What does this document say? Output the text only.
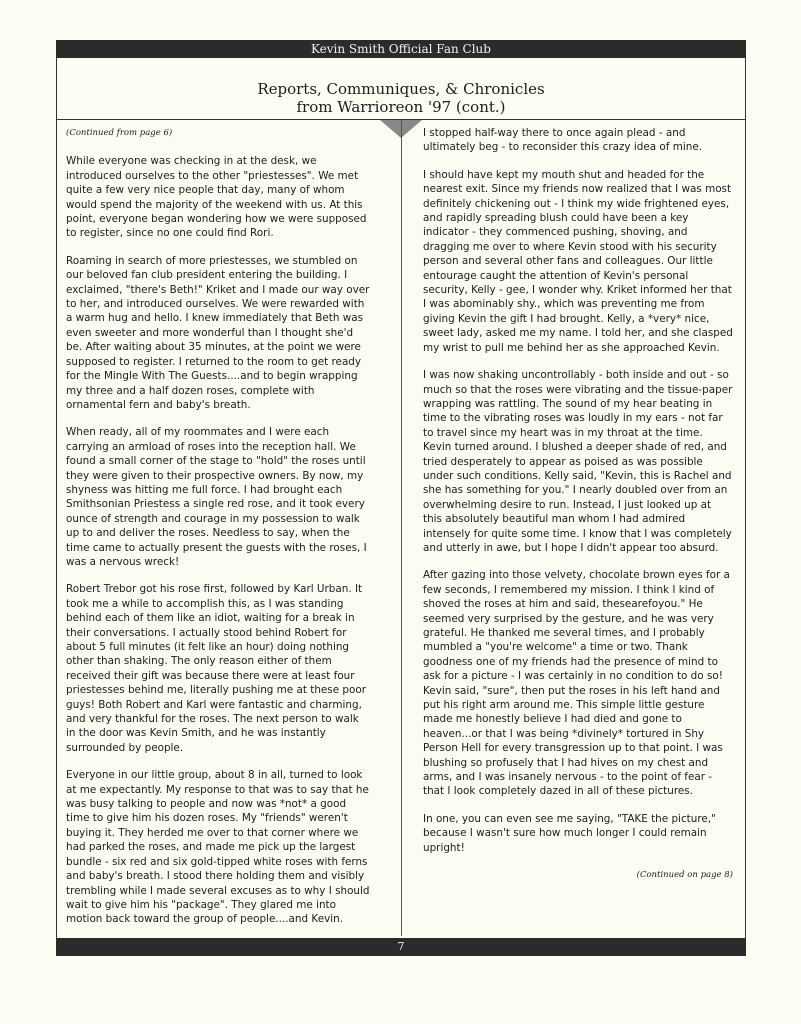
Kevin Smith Official Fan Club
Reports, Communiques, & Chronicles
from Warrioreon '97 (cont.)
(Continued from page 6)

While everyone was checking in at the desk, we introduced ourselves to the other "priestesses". We met quite a few very nice people that day, many of whom would spend the majority of the weekend with us. At this point, everyone began wondering how we were supposed to register, since no one could find Rori.

Roaming in search of more priestesses, we stumbled on our beloved fan club president entering the building. I exclaimed, "there's Beth!" Kriket and I made our way over to her, and introduced ourselves. We were rewarded with a warm hug and hello. I knew immediately that Beth was even sweeter and more wonderful than I thought she'd be. After waiting about 35 minutes, at the point we were supposed to register. I returned to the room to get ready for the Mingle With The Guests....and to begin wrapping my three and a half dozen roses, complete with ornamental fern and baby's breath.

When ready, all of my roommates and I were each carrying an armload of roses into the reception hall. We found a small corner of the stage to "hold" the roses until they were given to their prospective owners. By now, my shyness was hitting me full force. I had brought each Smithsonian Priestess a single red rose, and it took every ounce of strength and courage in my possession to walk up to and deliver the roses. Needless to say, when the time came to actually present the guests with the roses, I was a nervous wreck!

Robert Trebor got his rose first, followed by Karl Urban. It took me a while to accomplish this, as I was standing behind each of them like an idiot, waiting for a break in their conversations. I actually stood behind Robert for about 5 full minutes (it felt like an hour) doing nothing other than shaking. The only reason either of them received their gift was because there were at least four priestesses behind me, literally pushing me at these poor guys! Both Robert and Karl were fantastic and charming, and very thankful for the roses. The next person to walk in the door was Kevin Smith, and he was instantly surrounded by people.

Everyone in our little group, about 8 in all, turned to look at me expectantly. My response to that was to say that he was busy talking to people and now was *not* a good time to give him his dozen roses. My "friends" weren't buying it. They herded me over to that corner where we had parked the roses, and made me pick up the largest bundle - six red and six gold-tipped white roses with ferns and baby's breath. I stood there holding them and visibly trembling while I made several excuses as to why I should wait to give him his "package". They glared me into motion back toward the group of people....and Kevin.

I stopped half-way there to once again plead - and ultimately beg - to reconsider this crazy idea of mine.

I should have kept my mouth shut and headed for the nearest exit. Since my friends now realized that I was most definitely chickening out - I think my wide frightened eyes, and rapidly spreading blush could have been a key indicator - they commenced pushing, shoving, and dragging me over to where Kevin stood with his security person and several other fans and colleagues. Our little entourage caught the attention of Kevin's personal security, Kelly - gee, I wonder why. Kriket informed her that I was abominably shy., which was preventing me from giving Kevin the gift I had brought. Kelly, a *very* nice, sweet lady, asked me my name. I told her, and she clasped my wrist to pull me behind her as she approached Kevin.

I was now shaking uncontrollably - both inside and out - so much so that the roses were vibrating and the tissue-paper wrapping was rattling. The sound of my hear beating in time to the vibrating roses was loudly in my ears - not far to travel since my heart was in my throat at the time. Kevin turned around. I blushed a deeper shade of red, and tried desperately to appear as poised as was possible under such conditions. Kelly said, "Kevin, this is Rachel and she has something for you." I nearly doubled over from an overwhelming desire to run. Instead, I just looked up at this absolutely beautiful man whom I had admired intensely for quite some time. I know that I was completely and utterly in awe, but I hope I didn't appear too absurd.

After gazing into those velvety, chocolate brown eyes for a few seconds, I remembered my mission. I think I kind of shoved the roses at him and said, thesearefoyou." He seemed very surprised by the gesture, and he was very grateful. He thanked me several times, and I probably mumbled a "you're welcome" a time or two. Thank goodness one of my friends had the presence of mind to ask for a picture - I was certainly in no condition to do so! Kevin said, "sure", then put the roses in his left hand and put his right arm around me. This simple little gesture made me honestly believe I had died and gone to heaven...or that I was being *divinely* tortured in Shy Person Hell for every transgression up to that point. I was blushing so profusely that I had hives on my chest and arms, and I was insanely nervous - to the point of fear - that I look completely dazed in all of these pictures.

In one, you can even see me saying, "TAKE the picture," because I wasn't sure how much longer I could remain upright!

(Continued on page 8)
7
